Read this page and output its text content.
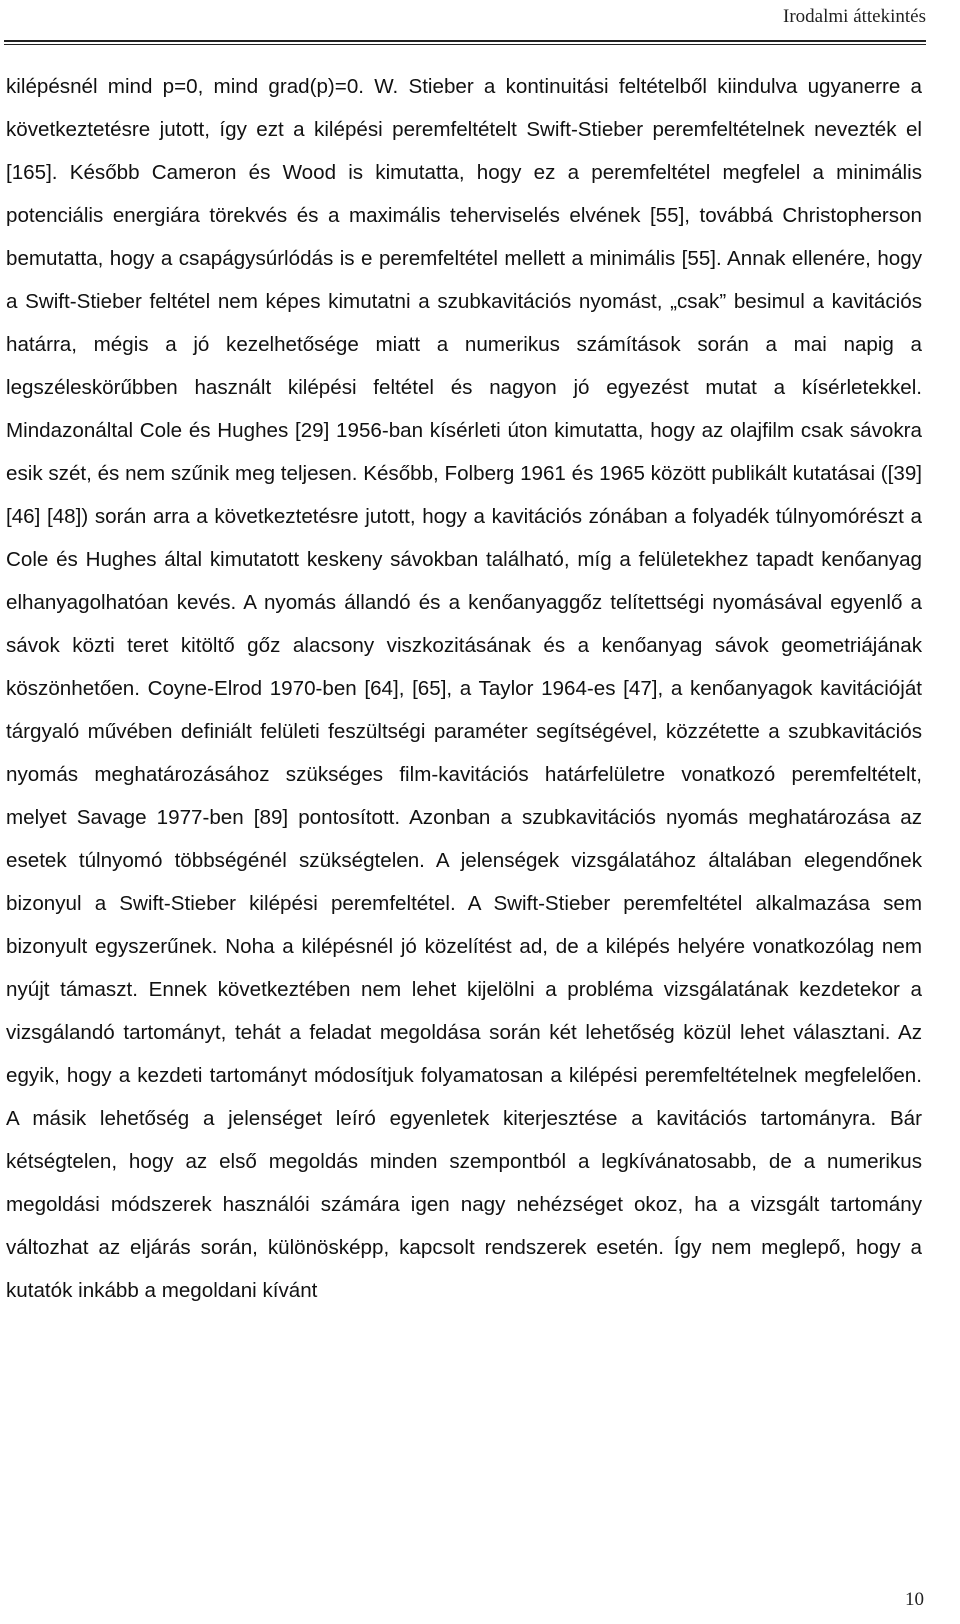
Irodalmi áttekintés

kilépésnél mind p=0, mind grad(p)=0. W. Stieber a kontinuitási feltételből kiindulva ugyanerre a következtetésre jutott, így ezt a kilépési peremfeltételt Swift-Stieber peremfeltételnek nevezték el [165]. Később Cameron és Wood is kimutatta, hogy ez a peremfeltétel megfelel a minimális potenciális energiára törekvés és a maximális teherviselés elvének [55], továbbá Christopherson bemutatta, hogy a csapágysúrlódás is e peremfeltétel mellett a minimális [55]. Annak ellenére, hogy a Swift-Stieber feltétel nem képes kimutatni a szubkavitációs nyomást, „csak” besimul a kavitációs határra, mégis a jó kezelhetősége miatt a numerikus számítások során a mai napig a legszéleskörűbben használt kilépési feltétel és nagyon jó egyezést mutat a kísérletekkel. Mindazonáltal Cole és Hughes [29] 1956-ban kísérleti úton kimutatta, hogy az olajfilm csak sávokra esik szét, és nem szűnik meg teljesen. Később, Folberg 1961 és 1965 között publikált kutatásai ([39] [46] [48]) során arra a következtetésre jutott, hogy a kavitációs zónában a folyadék túlnyomórészt a Cole és Hughes által kimutatott keskeny sávokban található, míg a felületekhez tapadt kenőanyag elhanyagolhatóan kevés. A nyomás állandó és a kenőanyaggőz telítettségi nyomásával egyenlő a sávok közti teret kitöltő gőz alacsony viszkozitásának és a kenőanyag sávok geometriájának köszönhetően. Coyne-Elrod 1970-ben [64], [65], a Taylor 1964-es [47], a kenőanyagok kavitációját tárgyaló művében definiált felületi feszültségi paraméter segítségével, közzétette a szubkavitációs nyomás meghatározásához szükséges film-kavitációs határfelületre vonatkozó peremfeltételt, melyet Savage 1977-ben [89] pontosított. Azonban a szubkavitációs nyomás meghatározása az esetek túlnyomó többségénél szükségtelen. A jelenségek vizsgálatához általában elegendőnek bizonyul a Swift-Stieber kilépési peremfeltétel. A Swift-Stieber peremfeltétel alkalmazása sem bizonyult egyszerűnek. Noha a kilépésnél jó közelítést ad, de a kilépés helyére vonatkozólag nem nyújt támaszt. Ennek következtében nem lehet kijelölni a probléma vizsgálatának kezdetekor a vizsgálandó tartományt, tehát a feladat megoldása során két lehetőség közül lehet választani. Az egyik, hogy a kezdeti tartományt módosítjuk folyamatosan a kilépési peremfeltételnek megfelelően. A másik lehetőség a jelenséget leíró egyenletek kiterjesztése a kavitációs tartományra. Bár kétségtelen, hogy az első megoldás minden szempontból a legkívánatosabb, de a numerikus megoldási módszerek használói számára igen nagy nehézséget okoz, ha a vizsgált tartomány változhat az eljárás során, különösképp, kapcsolt rendszerek esetén. Így nem meglepő, hogy a kutatók inkább a megoldani kívánt

10
